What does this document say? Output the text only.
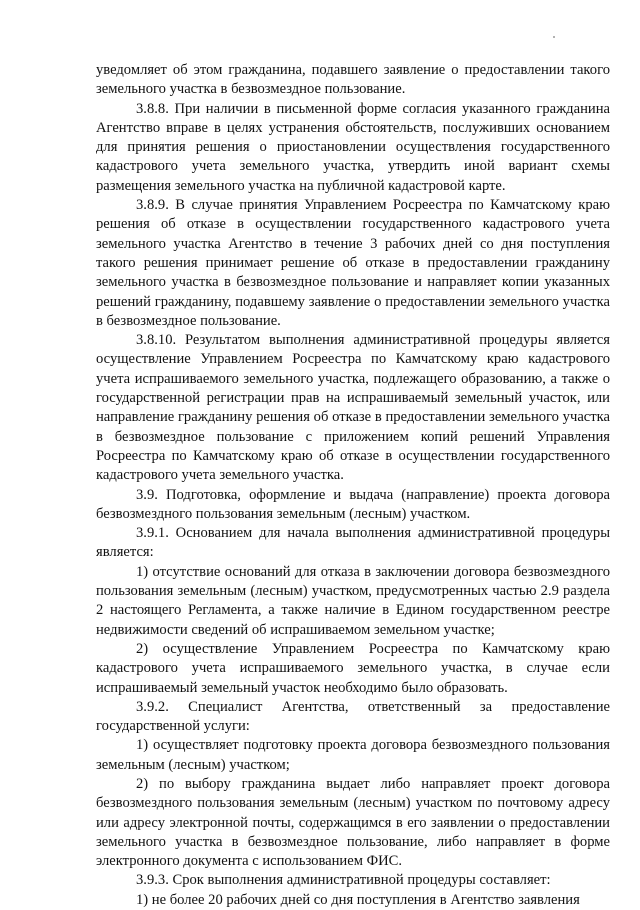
уведомляет об этом гражданина, подавшего заявление о предоставлении такого земельного участка в безвозмездное пользование.

3.8.8. При наличии в письменной форме согласия указанного гражданина Агентство вправе в целях устранения обстоятельств, послуживших основанием для принятия решения о приостановлении осуществления государственного кадастрового учета земельного участка, утвердить иной вариант схемы размещения земельного участка на публичной кадастровой карте.

3.8.9. В случае принятия Управлением Росреестра по Камчатскому краю решения об отказе в осуществлении государственного кадастрового учета земельного участка Агентство в течение 3 рабочих дней со дня поступления такого решения принимает решение об отказе в предоставлении гражданину земельного участка в безвозмездное пользование и направляет копии указанных решений гражданину, подавшему заявление о предоставлении земельного участка в безвозмездное пользование.

3.8.10. Результатом выполнения административной процедуры является осуществление Управлением Росреестра по Камчатскому краю кадастрового учета испрашиваемого земельного участка, подлежащего образованию, а также о государственной регистрации прав на испрашиваемый земельный участок, или направление гражданину решения об отказе в предоставлении земельного участка в безвозмездное пользование с приложением копий решений Управления Росреестра по Камчатскому краю об отказе в осуществлении государственного кадастрового учета земельного участка.

3.9. Подготовка, оформление и выдача (направление) проекта договора безвозмездного пользования земельным (лесным) участком.

3.9.1. Основанием для начала выполнения административной процедуры является:

1) отсутствие оснований для отказа в заключении договора безвозмездного пользования земельным (лесным) участком, предусмотренных частью 2.9 раздела 2 настоящего Регламента, а также наличие в Едином государственном реестре недвижимости сведений об испрашиваемом земельном участке;

2) осуществление Управлением Росреестра по Камчатскому краю кадастрового учета испрашиваемого земельного участка, в случае если испрашиваемый земельный участок необходимо было образовать.

3.9.2. Специалист Агентства, ответственный за предоставление государственной услуги:

1) осуществляет подготовку проекта договора безвозмездного пользования земельным (лесным) участком;

2) по выбору гражданина выдает либо направляет проект договора безвозмездного пользования земельным (лесным) участком по почтовому адресу или адресу электронной почты, содержащимся в его заявлении о предоставлении земельного участка в безвозмездное пользование, либо направляет в форме электронного документа с использованием ФИС.

3.9.3. Срок выполнения административной процедуры составляет:

1) не более 20 рабочих дней со дня поступления в Агентство заявления
